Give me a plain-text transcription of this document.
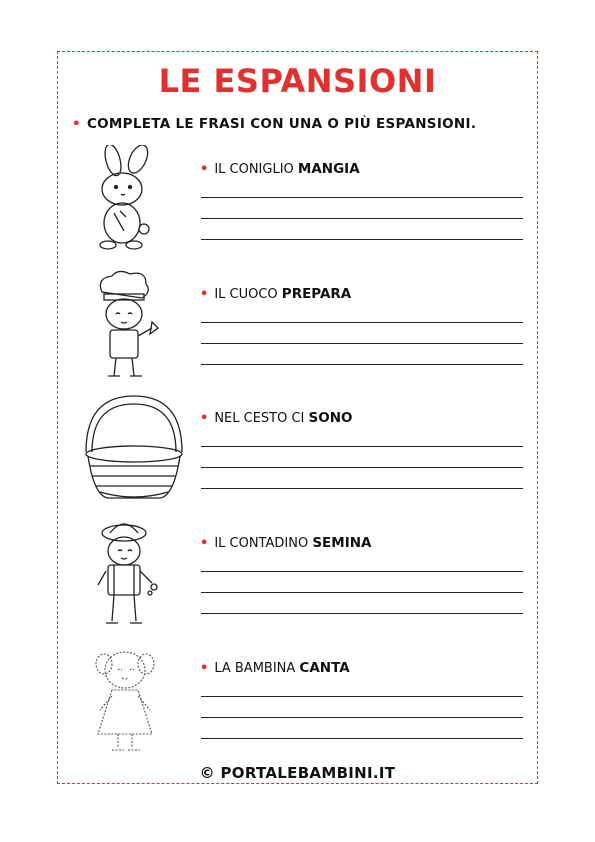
LE ESPANSIONI
• COMPLETA LE FRASI CON UNA O PIÙ ESPANSIONI.
• IL CONIGLIO MANGIA
• IL CUOCO PREPARA
• NEL CESTO CI SONO
• IL CONTADINO SEMINA
• LA BAMBINA CANTA
© PORTALEBAMBINI.IT
